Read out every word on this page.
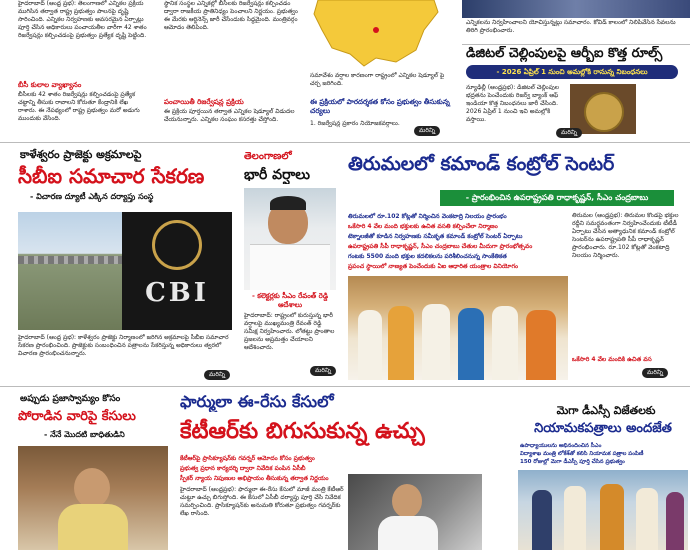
హైదరాబాద్ (ఆంధ్ర ప్రభ): తెలంగాణలో ఎన్నికల ప్రక్రియ ముగిసిన తర్వాత రాష్ట్ర ప్రభుత్వం పాలనపై దృష్టి సారించింది. ఎన్నికల నిర్వహణకు అవసరమైన ఏర్పాట్లు పూర్తి చేసిన అధికారులు పంచాయతీల వారీగా 42 శాతం రిజర్వేషన్లు కల్పించడంపై ప్రభుత్వం ప్రత్యేక దృష్టి పెట్టింది.
బీసీ కులాల వ్యాఖ్యానం
బీసీలకు 42 శాతం రిజర్వేషన్లు కల్పించడంపై ప్రత్యేక చట్టాన్ని తీసుకు రావాలని కోరుతూ కేంద్రానికి లేఖ రాశారు. ఈ నేపథ్యంలో రాష్ట్ర ప్రభుత్వం మరో అడుగు ముందుకు వేసింది.
స్థానిక సంస్థల ఎన్నికల్లో బీసీలకు రిజర్వేషన్లు కల్పించడం ద్వారా రాజకీయ ప్రాతినిధ్యం పెంచాలని నిర్ణయం. ప్రభుత్వం ఈ మేరకు ఆర్డినెన్స్ జారీ చేసేందుకు సిద్ధమైంది. మంత్రివర్గం ఆమోదం తెలిపింది.
పంచాయితీ రిజర్వేషన్ల ప్రక్రియ
ఈ ప్రక్రియ పూర్తయిన తర్వాత ఎన్నికల షెడ్యూల్ విడుదల చేయనున్నారు. ఎన్నికల సంఘం కసరత్తు చేస్తోంది.
సమావేశం వర్షాల కారణంగా రాష్ట్రంలో ఎన్నికల షెడ్యూల్ పై చర్చ జరిగింది.
ఈ ప్రక్రియలో పారదర్శకత కోసం ప్రభుత్వం తీసుకున్న చర్యలు
1. రిజర్వేషన్ల ప్రకారం నియోజకవర్గాలు.
మరిన్ని
ఎన్నికలను నిర్వహించాలని యోచిస్తున్నట్లు సమాచారం. కోవిడ్ కాలంలో నిలిపివేసిన సేవలను తిరిగి ప్రారంభించారు.
డిజిటల్ చెల్లింపులపై ఆర్బీఐ కొత్త రూల్స్
- 2026 ఏప్రిల్ 1 నుంచి అమల్లోకి రానున్న నిబంధనలు
న్యూఢిల్లీ (ఆంధ్రప్రభ): డిజిటల్ చెల్లింపుల భద్రతను పెంచేందుకు రిజర్వ్ బ్యాంక్ ఆఫ్ ఇండియా కొత్త నిబంధనలు జారీ చేసింది. 2026 ఏప్రిల్ 1 నుంచి ఇవి అమల్లోకి వస్తాయి.
మరిన్ని
కాళేశ్వరం ప్రాజెక్టు అక్రమాలపై
సీబీఐ సమాచార సేకరణ
- విచారణ ద్యూటీ ఎక్కిన దర్యాప్తు సంస్థ
CBI
హైదరాబాద్ (ఆంధ్ర ప్రభ): కాళేశ్వరం ప్రాజెక్టు నిర్మాణంలో జరిగిన అక్రమాలపై సీబీఐ సమాచార సేకరణ ప్రారంభించింది. ప్రాజెక్టుకు సంబంధించిన పత్రాలను సేకరిస్తున్న అధికారులు త్వరలో విచారణ ప్రారంభించనున్నారు.
మరిన్ని
తెలంగాణలో
భారీ వర్షాలు
- కలెక్టర్లకు సీఎం రేవంత్ రెడ్డి ఆదేశాలు
హైదరాబాద్: రాష్ట్రంలో కురుస్తున్న భారీ వర్షాలపై ముఖ్యమంత్రి రేవంత్ రెడ్డి సమీక్ష నిర్వహించారు. లోతట్టు ప్రాంతాల ప్రజలను అప్రమత్తం చేయాలని ఆదేశించారు.
మరిన్ని
తిరుమలలో కమాండ్ కంట్రోల్ సెంటర్
- ప్రారంభించిన ఉపరాష్ట్రపతి రాధాకృష్ణన్, సీఎం చంద్రబాబు
తిరుమలలో రూ.102 కోట్లతో నిర్మించిన వెంకటాద్రి నిలయం ప్రారంభం
ఒకేసారి 4 వేల మంది భక్తులకు ఉచిత వసతి కల్పించేలా నిర్మాణం
టెక్నాలజీతో కూడిన నిర్వహణకు సమీకృత కమాండ్ కంట్రోల్ సెంటర్ ఏర్పాటు
ఉపరాష్ట్రపతి సీపీ రాధాకృష్ణన్, సీఎం చంద్రబాబు చేతుల మీదుగా ప్రారంభోత్సవం
గంటకు 5500 మంది భక్తుల కదలికలను పరిశీలించనున్న సాంకేతికత
ప్రపంచ స్థాయిలో నాణ్యత పెంచేందుకు ఏఐ ఆధారిత యంత్రాల వినియోగం
తిరుమల (ఆంధ్రప్రభ): తిరుమల కొండపై భక్తుల రద్దీని సమర్థవంతంగా నిర్వహించేందుకు టీటీడీ ఏర్పాటు చేసిన అత్యాధునిక కమాండ్ కంట్రోల్ సెంటర్‌ను ఉపరాష్ట్రపతి సీపీ రాధాకృష్ణన్ ప్రారంభించారు. రూ.102 కోట్లతో వెంకటాద్రి నిలయం నిర్మించారు.
ఒకేసారి 4 వేల మందికి ఉచిత వస
మరిన్ని
అప్పుడు ప్రజాస్వామ్యం కోసం
పోరాడిన వారిపై కేసులు
- నేనే మొదటి బాధితుడిని
ఫార్ములా ఈ-రేసు కేసులో
కేటీఆర్‌కు బిగుసుకున్న ఉచ్చు
కేటీఆర్‌పై ప్రాసిక్యూషన్‌కు గవర్నర్ ఆమోదం కోసం ప్రభుత్వం
ప్రభుత్వ ప్రధాన కార్యదర్శి ద్వారా నివేదిక పంపిన ఏసీబీ
స్పీకర్ న్యాయ నిపుణుల అభిప్రాయం తీసుకున్న తర్వాత నిర్ణయం
హైదరాబాద్ (ఆంధ్రప్రభ): ఫార్ములా ఈ-రేసు కేసులో మాజీ మంత్రి కేటీఆర్ చుట్టూ ఉచ్చు బిగుస్తోంది. ఈ కేసులో ఏసీబీ దర్యాప్తు పూర్తి చేసి నివేదిక సమర్పించింది. ప్రాసిక్యూషన్‌కు అనుమతి కోరుతూ ప్రభుత్వం గవర్నర్‌కు లేఖ రాసింది.
మెగా డీఎస్సీ విజేతలకు
నియామకపత్రాలు అందజేత
ఉపాధ్యాయులను అభినందించిన సీఎం
విద్యాశాఖ మంత్రి లోకేశ్‌తో కలిసి నియామక పత్రాల పంపిణీ
150 రోజుల్లో మెగా డీఎస్సీ పూర్తి చేసిన ప్రభుత్వం
